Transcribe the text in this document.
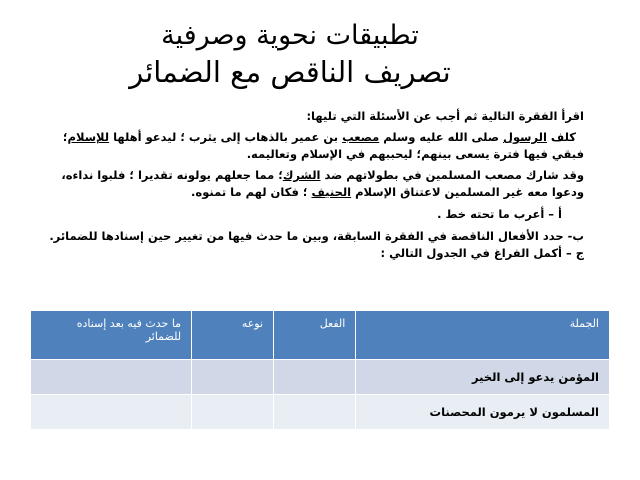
تطبيقات نحوية وصرفية
تصريف الناقص مع الضمائر

اقرأ الفقرة التالية ثم أجب عن الأسئلة التي تليها:

كلف الرسول صلى الله عليه وسلم مصعب بن عمير بالذهاب إلى يثرب ؛ ليدعو أهلها للإسلام؛

فبقي فيها فترة يسعى بينهم؛ ليحببهم في الإسلام وتعاليمه.

وقد شارك مصعب المسلمين في بطولاتهم ضد الشرك؛ مما جعلهم يولونه تقديرا ؛ فلبوا نداءه،

ودعوا معه غير المسلمين لاعتناق الإسلام الحنيف ؛ فكان لهم ما تمنوه.

أ – أعرب ما تحته خط .

ب- حدد الأفعال الناقصة في الفقرة السابقة، وبين ما حدث فيها من تغيير حين إسنادها للضمائر.

ج – أكمل الفراغ في الجدول التالي :

الجملة	الفعل	نوعه	ما حدث فيه بعد إسناده للضمائر
المؤمن يدعو إلى الخير			
المسلمون لا يرمون المحصنات			
